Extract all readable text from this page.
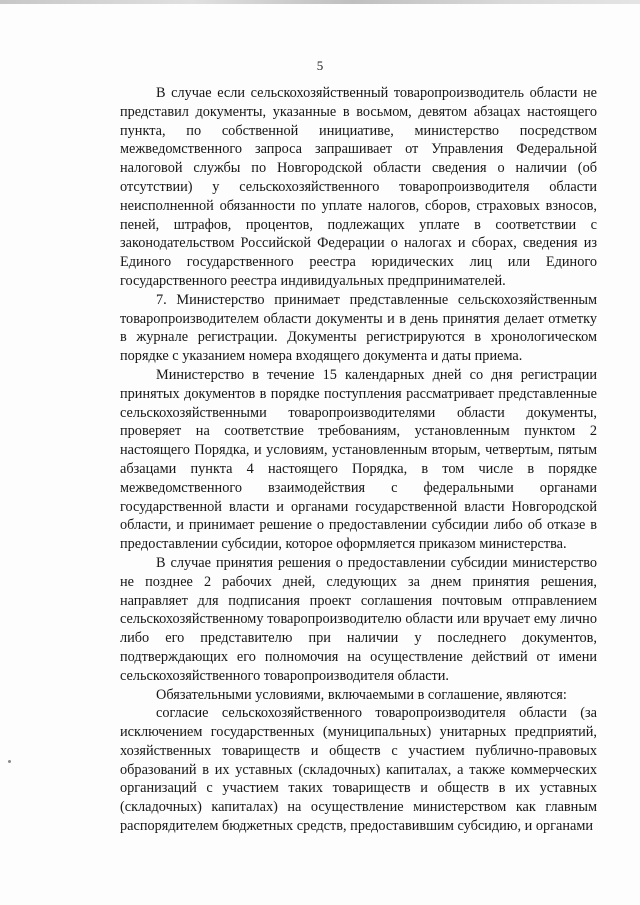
5

В случае если сельскохозяйственный товаропроизводитель области не представил документы, указанные в восьмом, девятом абзацах настоящего пункта, по собственной инициативе, министерство посредством межведомственного запроса запрашивает от Управления Федеральной налоговой службы по Новгородской области сведения о наличии (об отсутствии) у сельскохозяйственного товаропроизводителя области неисполненной обязанности по уплате налогов, сборов, страховых взносов, пеней, штрафов, процентов, подлежащих уплате в соответствии с законодательством Российской Федерации о налогах и сборах, сведения из Единого государственного реестра юридических лиц или Единого государственного реестра индивидуальных предпринимателей.

7. Министерство принимает представленные сельскохозяйственным товаропроизводителем области документы и в день принятия делает отметку в журнале регистрации. Документы регистрируются в хронологическом порядке с указанием номера входящего документа и даты приема.

Министерство в течение 15 календарных дней со дня регистрации принятых документов в порядке поступления рассматривает представленные сельскохозяйственными товаропроизводителями области документы, проверяет на соответствие требованиям, установленным пунктом 2 настоящего Порядка, и условиям, установленным вторым, четвертым, пятым абзацами пункта 4 настоящего Порядка, в том числе в порядке межведомственного взаимодействия с федеральными органами государственной власти и органами государственной власти Новгородской области, и принимает решение о предоставлении субсидии либо об отказе в предоставлении субсидии, которое оформляется приказом министерства.

В случае принятия решения о предоставлении субсидии министерство не позднее 2 рабочих дней, следующих за днем принятия решения, направляет для подписания проект соглашения почтовым отправлением сельскохозяйственному товаропроизводителю области или вручает ему лично либо его представителю при наличии у последнего документов, подтверждающих его полномочия на осуществление действий от имени сельскохозяйственного товаропроизводителя области.

Обязательными условиями, включаемыми в соглашение, являются:

согласие сельскохозяйственного товаропроизводителя области (за исключением государственных (муниципальных) унитарных предприятий, хозяйственных товариществ и обществ с участием публично-правовых образований в их уставных (складочных) капиталах, а также коммерческих организаций с участием таких товариществ и обществ в их уставных (складочных) капиталах) на осуществление министерством как главным распорядителем бюджетных средств, предоставившим субсидию, и органами
